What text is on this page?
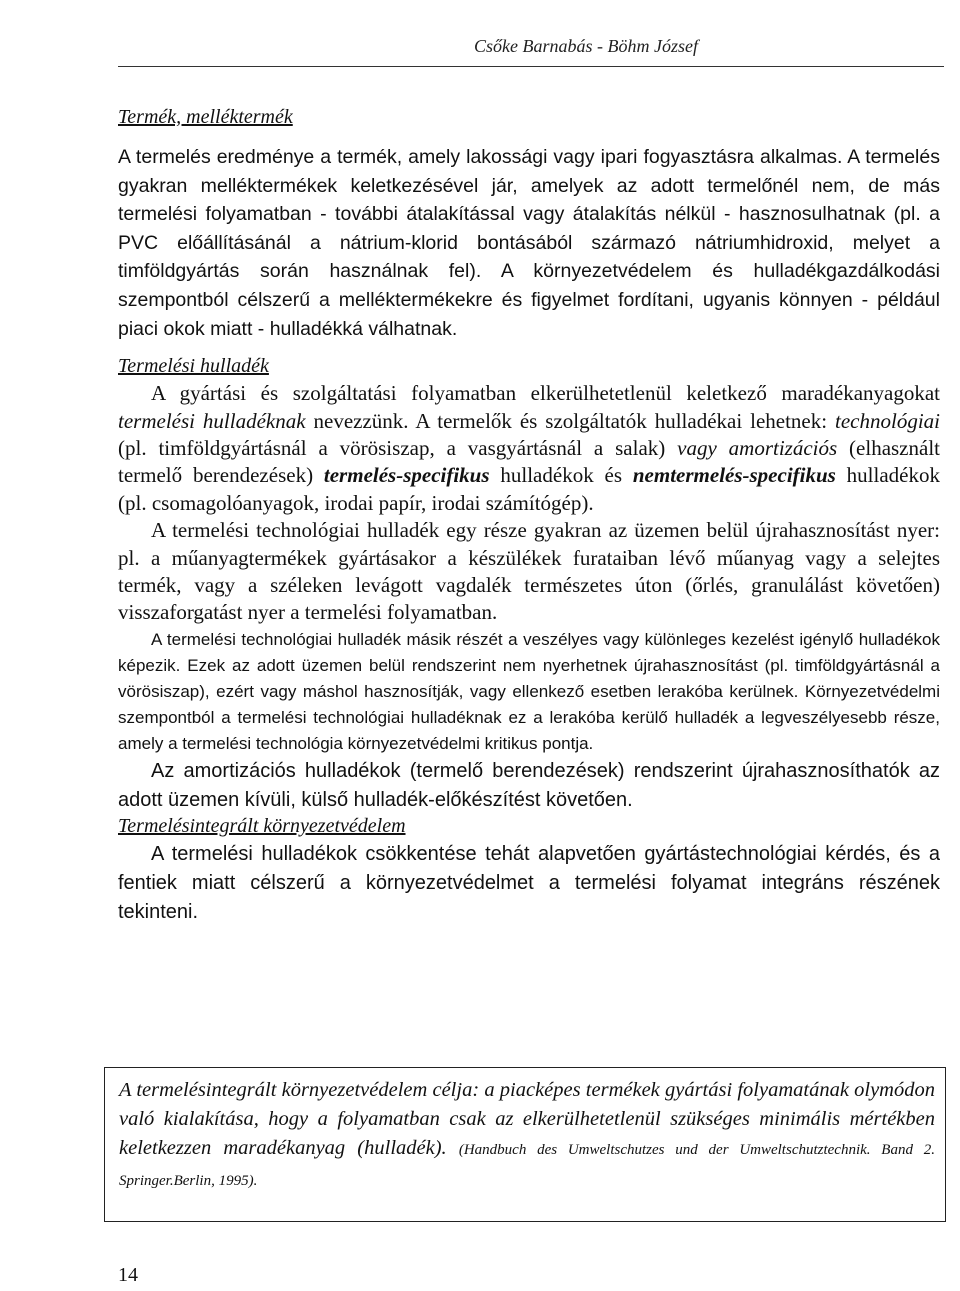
Csőke Barnabás - Böhm József
Termék, melléktermék

A termelés eredménye a termék, amely lakossági vagy ipari fogyasztásra alkalmas. A termelés gyakran melléktermékek keletkezésével jár, amelyek az adott termelőnél nem, de más termelési folyamatban - további átalakítással vagy átalakítás nélkül - hasznosulhatnak (pl. a PVC előállításánál a nátrium-klorid bontásából származó nátriumhidroxid, melyet a timföldgyártás során használnak fel). A környezetvédelem és hulladékgazdálkodási szempontból célszerű a melléktermékekre és figyelmet fordítani, ugyanis könnyen - például piaci okok miatt - hulladékká válhatnak.

Termelési hulladék

A gyártási és szolgáltatási folyamatban elkerülhetetlenül keletkező maradékanyagokat termelési hulladéknak nevezzünk. A termelők és szolgáltatók hulladékai lehetnek: technológiai (pl. timföldgyártásnál a vörösiszap, a vasgyártásnál a salak) vagy amortizációs (elhasznált termelő berendezések) termelés-specifikus hulladékok és nemtermelés-specifikus hulladékok (pl. csomagolóanyagok, irodai papír, irodai számítógép).

A termelési technológiai hulladék egy része gyakran az üzemen belül újrahasznosítást nyer: pl. a műanyagtermékek gyártásakor a készülékek furataiban lévő műanyag vagy a selejtes termék, vagy a széleken levágott vagdalék természetes úton (őrlés, granulálást követően) visszaforgatást nyer a termelési folyamatban.

A termelési technológiai hulladék másik részét a veszélyes vagy különleges kezelést igénylő hulladékok képezik. Ezek az adott üzemen belül rendszerint nem nyerhetnek újrahasznosítást (pl. timföldgyártásnál a vörösiszap), ezért vagy máshol hasznosítják, vagy ellenkező esetben lerakóba kerülnek. Környezetvédelmi szempontból a termelési technológiai hulladéknak ez a lerakóba kerülő hulladék a legveszélyesebb része, amely a termelési technológia környezetvédelmi kritikus pontja.

Az amortizációs hulladékok (termelő berendezések) rendszerint újrahasznosíthatók az adott üzemen kívüli, külső hulladék-előkészítést követően.

Termelésintegrált környezetvédelem

A termelési hulladékok csökkentése tehát alapvetően gyártástechnológiai kérdés, és a fentiek miatt célszerű a környezetvédelmet a termelési folyamat integráns részének tekinteni.

A termelésintegrált környezetvédelem célja: a piacképes termékek gyártási folyamatának olymódon való kialakítása, hogy a folyamatban csak az elkerülhetetlenül szükséges minimális mértékben keletkezzen maradékanyag (hulladék). (Handbuch des Umweltschutzes und der Umweltschutztechnik. Band 2. Springer.Berlin, 1995).

14
